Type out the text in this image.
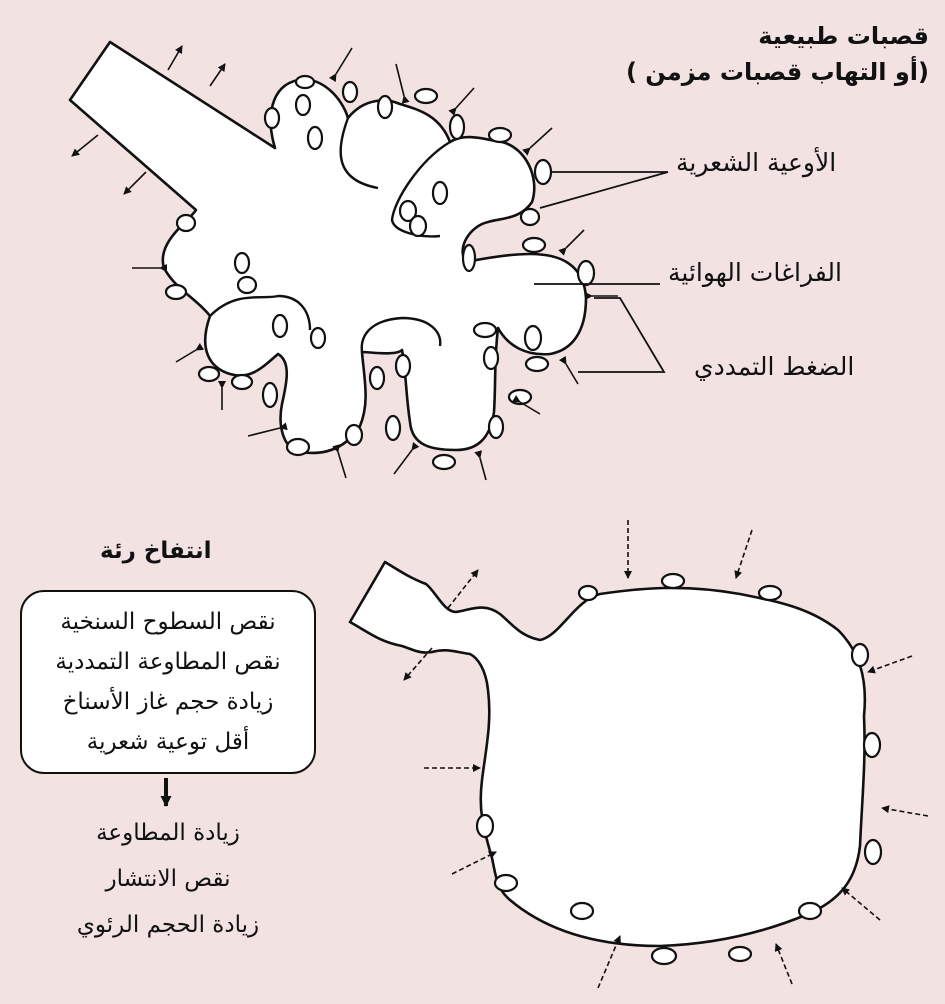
قصبات طبيعية
(أو التهاب قصبات مزمن )
الأوعية الشعرية
الفراغات الهوائية
الضغط التمددي
انتفاخ رئة
نقص السطوح السنخية
نقص المطاوعة التمددية
زيادة حجم غاز الأسناخ
أقل توعية شعرية
زيادة المطاوعة
نقص الانتشار
زيادة الحجم الرئوي
